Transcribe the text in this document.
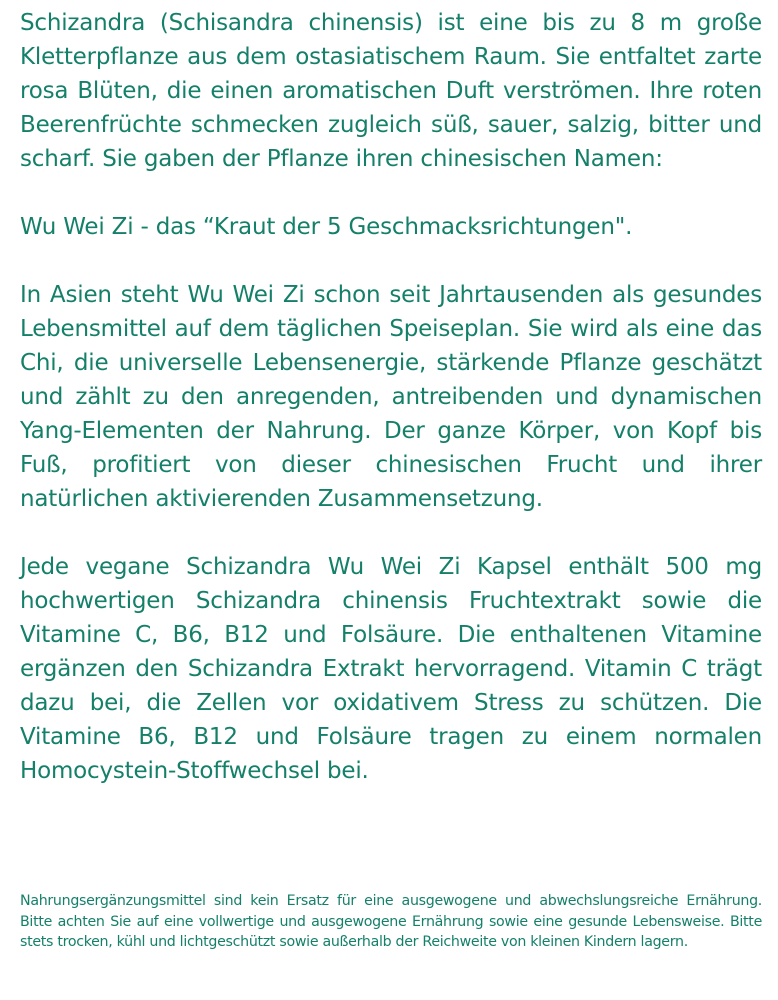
Schizandra (Schisandra chinensis) ist eine bis zu 8 m große Kletterpflanze aus dem ostasiatischem Raum. Sie entfaltet zarte rosa Blüten, die einen aromatischen Duft verströmen. Ihre roten Beerenfrüchte schmecken zugleich süß, sauer, salzig, bitter und scharf. Sie gaben der Pflanze ihren chinesischen Namen:

Wu Wei Zi - das “Kraut der 5 Geschmacksrichtungen".

In Asien steht Wu Wei Zi schon seit Jahrtausenden als gesundes Lebensmittel auf dem täglichen Speiseplan. Sie wird als eine das Chi, die universelle Lebensenergie, stärkende Pflanze geschätzt und zählt zu den anregenden, antreibenden und dynamischen Yang-Elementen der Nahrung. Der ganze Körper, von Kopf bis Fuß, profitiert von dieser chinesischen Frucht und ihrer natürlichen aktivierenden Zusammensetzung.

Jede vegane Schizandra Wu Wei Zi Kapsel enthält 500 mg hochwertigen Schizandra chinensis Fruchtextrakt sowie die Vitamine C, B6, B12 und Folsäure. Die enthaltenen Vitamine ergänzen den Schizandra Extrakt hervorragend. Vitamin C trägt dazu bei, die Zellen vor oxidativem Stress zu schützen. Die Vitamine B6, B12 und Folsäure tragen zu einem normalen Homocystein-Stoffwechsel bei.

Nahrungsergänzungsmittel sind kein Ersatz für eine ausgewogene und abwechslungsreiche Ernährung. Bitte achten Sie auf eine vollwertige und ausgewogene Ernährung sowie eine gesunde Lebensweise. Bitte stets trocken, kühl und lichtgeschützt sowie außerhalb der Reichweite von kleinen Kindern lagern.
